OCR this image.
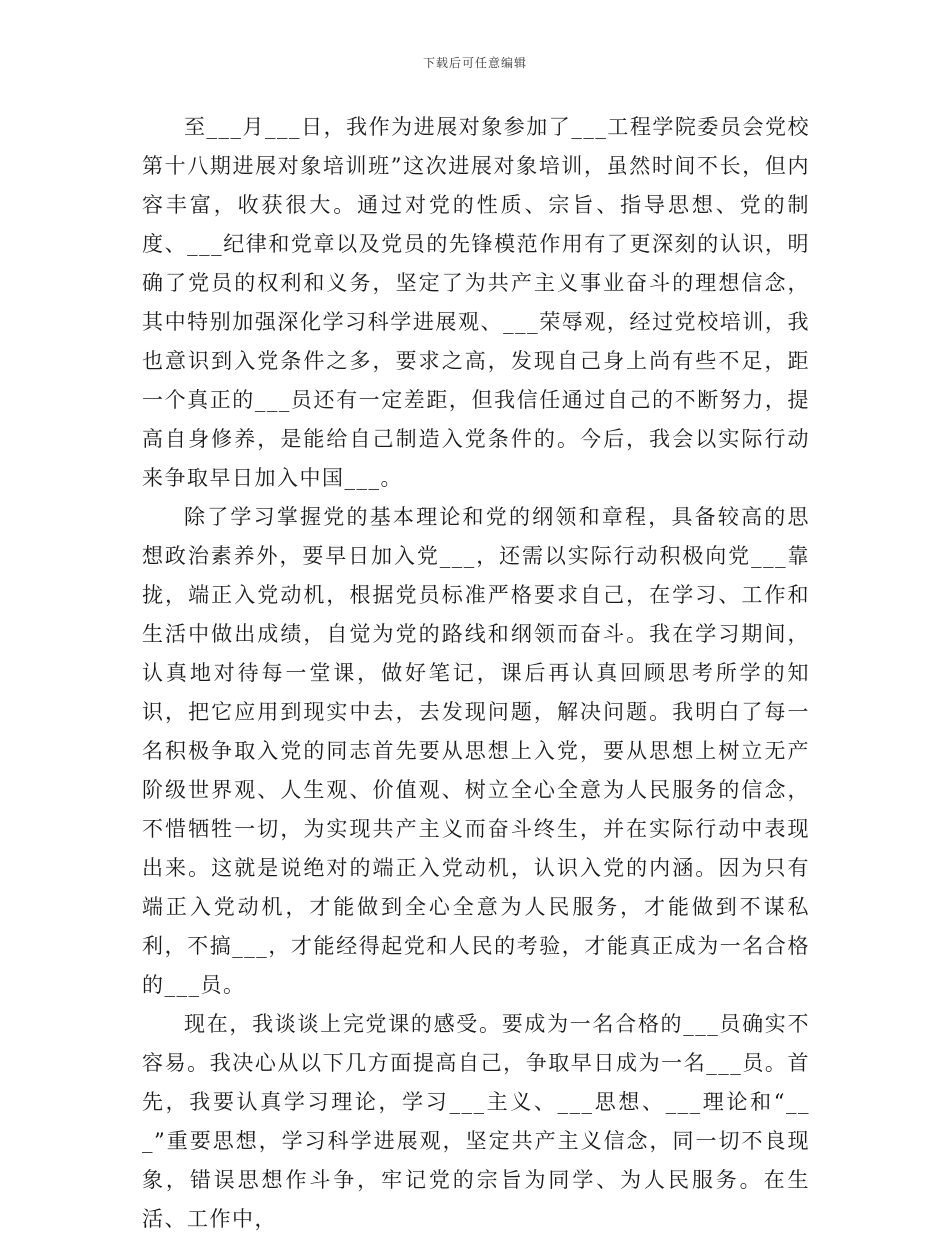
下载后可任意编辑

至___月___日，我作为进展对象参加了___工程学院委员会党校第十八期进展对象培训班”这次进展对象培训，虽然时间不长，但内容丰富，收获很大。通过对党的性质、宗旨、指导思想、党的制度、___纪律和党章以及党员的先锋模范作用有了更深刻的认识，明确了党员的权利和义务，坚定了为共产主义事业奋斗的理想信念，其中特别加强深化学习科学进展观、___荣辱观，经过党校培训，我也意识到入党条件之多，要求之高，发现自己身上尚有些不足，距一个真正的___员还有一定差距，但我信任通过自己的不断努力，提高自身修养，是能给自己制造入党条件的。今后，我会以实际行动来争取早日加入中国___。

除了学习掌握党的基本理论和党的纲领和章程，具备较高的思想政治素养外，要早日加入党___，还需以实际行动积极向党___靠拢，端正入党动机，根据党员标准严格要求自己，在学习、工作和生活中做出成绩，自觉为党的路线和纲领而奋斗。我在学习期间，认真地对待每一堂课，做好笔记，课后再认真回顾思考所学的知识，把它应用到现实中去，去发现问题，解决问题。我明白了每一名积极争取入党的同志首先要从思想上入党，要从思想上树立无产阶级世界观、人生观、价值观、树立全心全意为人民服务的信念，不惜牺牲一切，为实现共产主义而奋斗终生，并在实际行动中表现出来。这就是说绝对的端正入党动机，认识入党的内涵。因为只有端正入党动机，才能做到全心全意为人民服务，才能做到不谋私利，不搞___，才能经得起党和人民的考验，才能真正成为一名合格的___员。

现在，我谈谈上完党课的感受。要成为一名合格的___员确实不容易。我决心从以下几方面提高自己，争取早日成为一名___员。首先，我要认真学习理论，学习___主义、___思想、___理论和“___”重要思想，学习科学进展观，坚定共产主义信念，同一切不良现象，错误思想作斗争，牢记党的宗旨为同学、为人民服务。在生活、工作中，
